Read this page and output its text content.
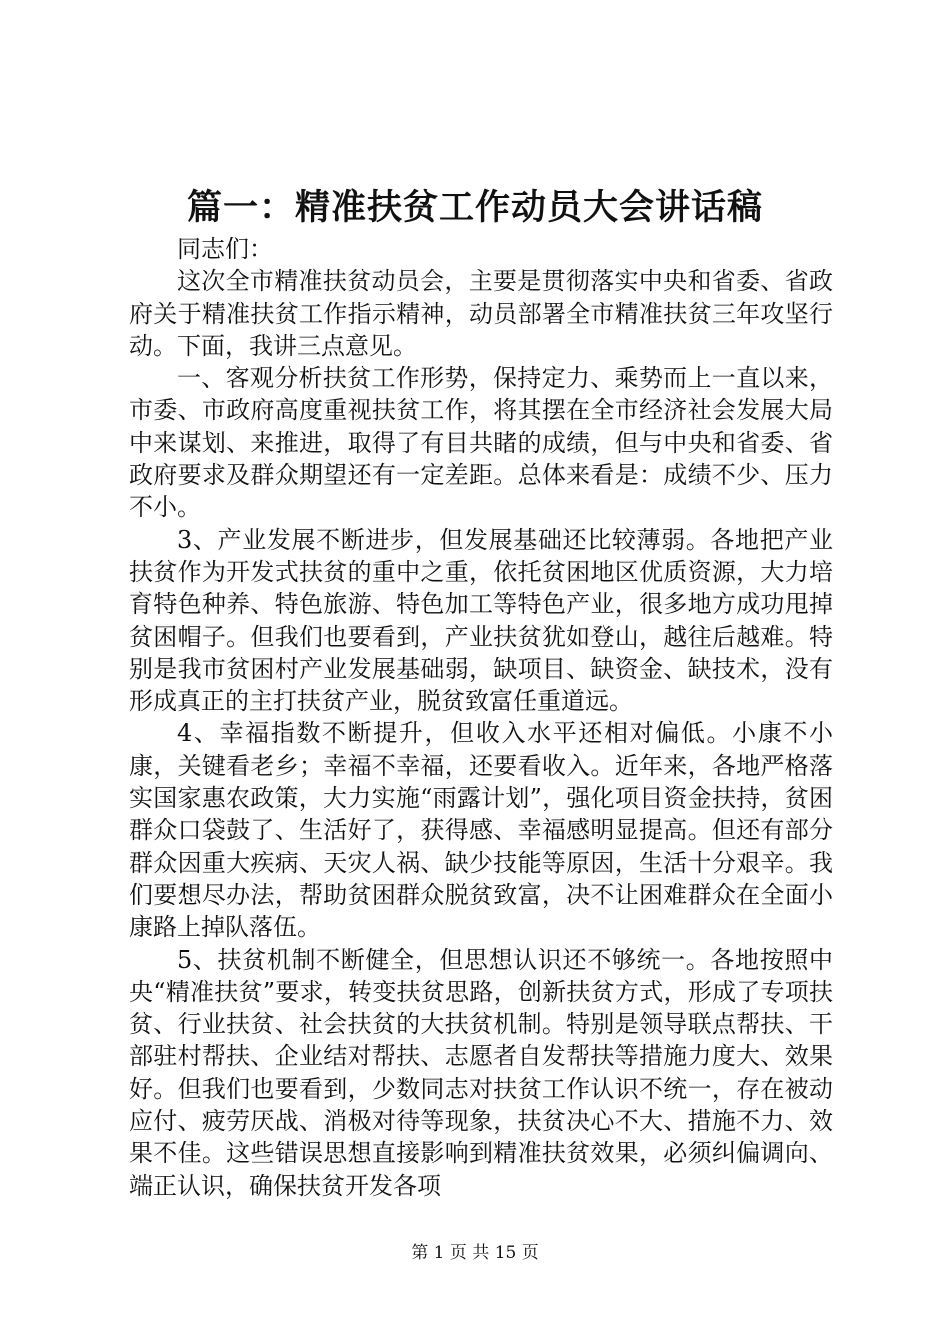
篇一：精准扶贫工作动员大会讲话稿

同志们：

这次全市精准扶贫动员会，主要是贯彻落实中央和省委、省政府关于精准扶贫工作指示精神，动员部署全市精准扶贫三年攻坚行动。下面，我讲三点意见。

一、客观分析扶贫工作形势，保持定力、乘势而上一直以来，市委、市政府高度重视扶贫工作，将其摆在全市经济社会发展大局中来谋划、来推进，取得了有目共睹的成绩，但与中央和省委、省政府要求及群众期望还有一定差距。总体来看是：成绩不少、压力不小。

3、产业发展不断进步，但发展基础还比较薄弱。各地把产业扶贫作为开发式扶贫的重中之重，依托贫困地区优质资源，大力培育特色种养、特色旅游、特色加工等特色产业，很多地方成功甩掉贫困帽子。但我们也要看到，产业扶贫犹如登山，越往后越难。特别是我市贫困村产业发展基础弱，缺项目、缺资金、缺技术，没有形成真正的主打扶贫产业，脱贫致富任重道远。

4、幸福指数不断提升，但收入水平还相对偏低。小康不小康，关键看老乡；幸福不幸福，还要看收入。近年来，各地严格落实国家惠农政策，大力实施“雨露计划”，强化项目资金扶持，贫困群众口袋鼓了、生活好了，获得感、幸福感明显提高。但还有部分群众因重大疾病、天灾人祸、缺少技能等原因，生活十分艰辛。我们要想尽办法，帮助贫困群众脱贫致富，决不让困难群众在全面小康路上掉队落伍。

5、扶贫机制不断健全，但思想认识还不够统一。各地按照中央“精准扶贫”要求，转变扶贫思路，创新扶贫方式，形成了专项扶贫、行业扶贫、社会扶贫的大扶贫机制。特别是领导联点帮扶、干部驻村帮扶、企业结对帮扶、志愿者自发帮扶等措施力度大、效果好。但我们也要看到，少数同志对扶贫工作认识不统一，存在被动应付、疲劳厌战、消极对待等现象，扶贫决心不大、措施不力、效果不佳。这些错误思想直接影响到精准扶贫效果，必须纠偏调向、端正认识，确保扶贫开发各项

第 1 页 共 15 页
